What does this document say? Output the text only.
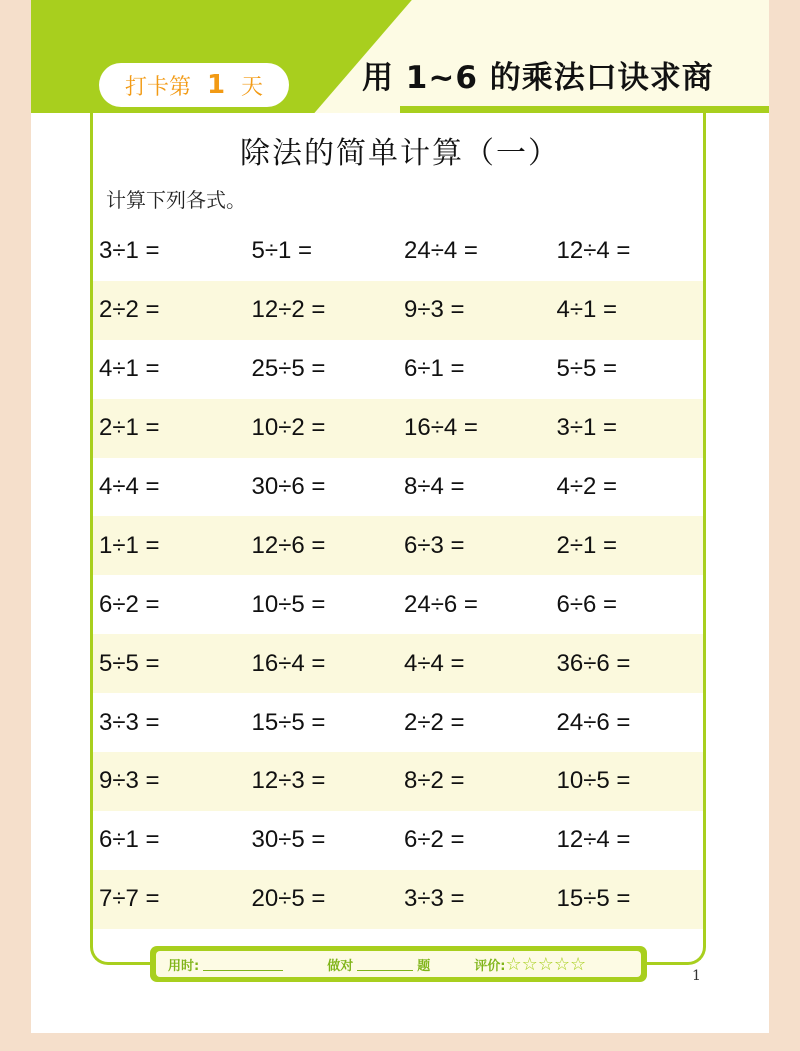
打卡第 1 天	用 1~6 的乘法口诀求商
除法的简单计算（一）
计算下列各式。
3÷1 =	5÷1 =	24÷4 =	12÷4 =
2÷2 =	12÷2 =	9÷3 =	4÷1 =
4÷1 =	25÷5 =	6÷1 =	5÷5 =
2÷1 =	10÷2 =	16÷4 =	3÷1 =
4÷4 =	30÷6 =	8÷4 =	4÷2 =
1÷1 =	12÷6 =	6÷3 =	2÷1 =
6÷2 =	10÷5 =	24÷6 =	6÷6 =
5÷5 =	16÷4 =	4÷4 =	36÷6 =
3÷3 =	15÷5 =	2÷2 =	24÷6 =
9÷3 =	12÷3 =	8÷2 =	10÷5 =
6÷1 =	30÷5 =	6÷2 =	12÷4 =
7÷7 =	20÷5 =	3÷3 =	15÷5 =
用时:	做对	题	评价: ☆☆☆☆☆
1
